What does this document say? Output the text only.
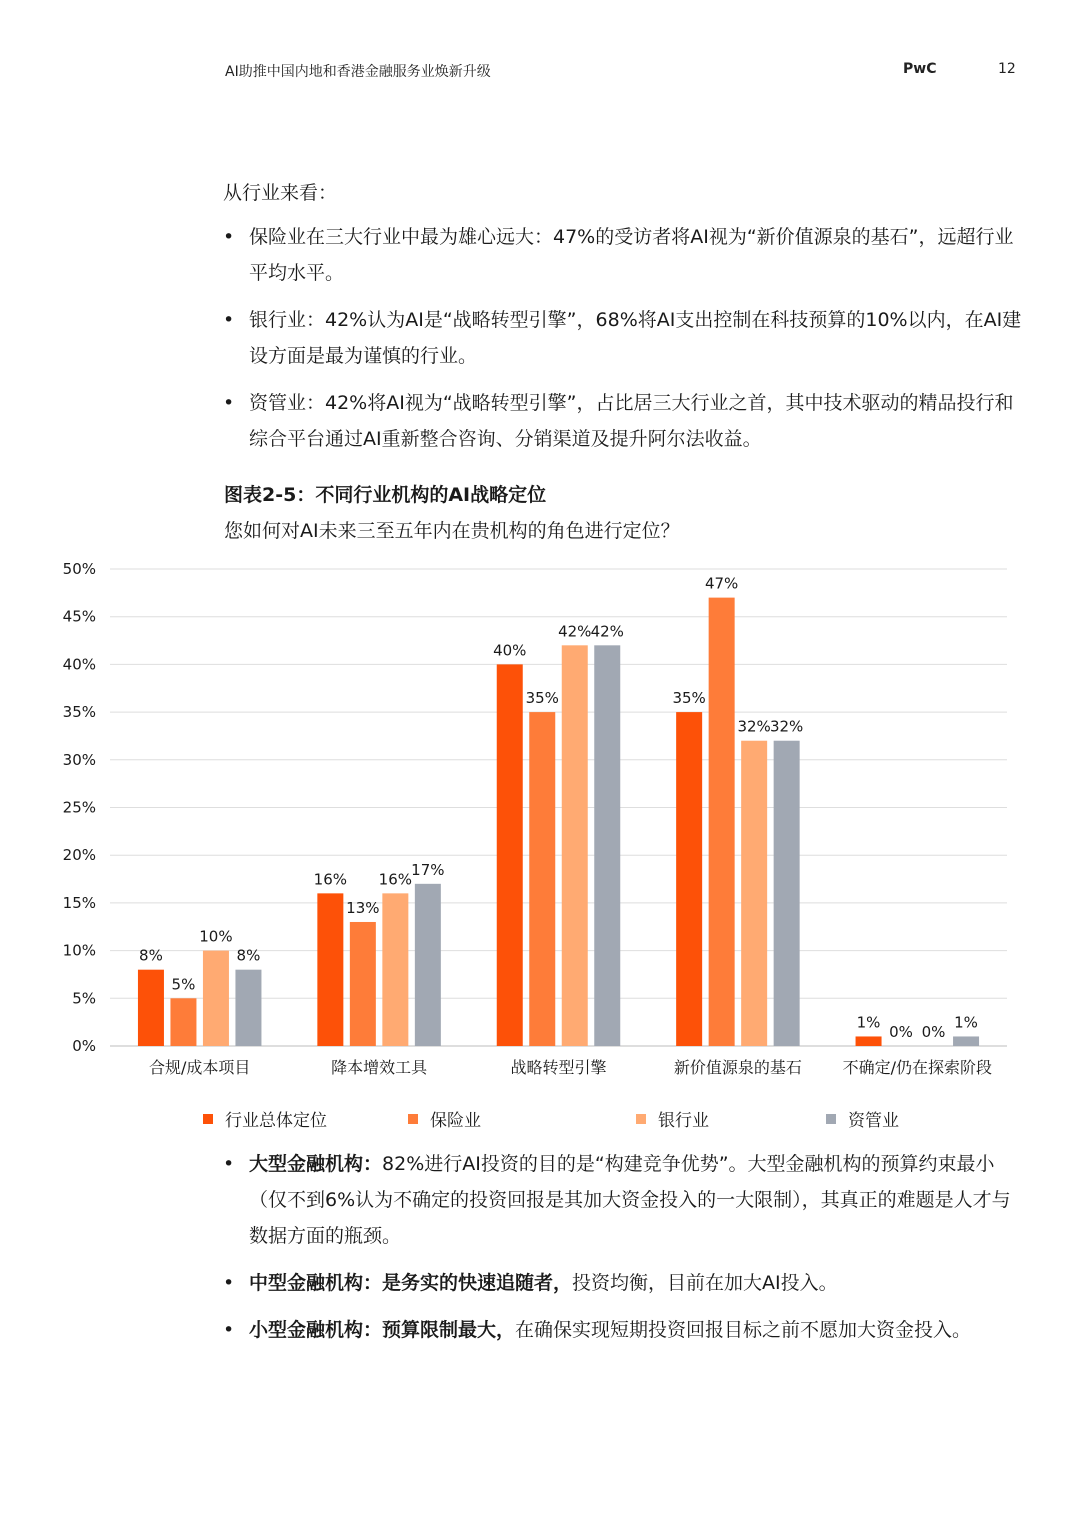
AI助推中国内地和香港金融服务业焕新升级	PwC	12
从行业来看：
• 保险业在三大行业中最为雄心远大：47%的受访者将AI视为“新价值源泉的基石”，远超行业平均水平。
• 银行业：42%认为AI是“战略转型引擎”，68%将AI支出控制在科技预算的10%以内，在AI建设方面是最为谨慎的行业。
• 资管业：42%将AI视为“战略转型引擎”，占比居三大行业之首，其中技术驱动的精品投行和综合平台通过AI重新整合咨询、分销渠道及提升阿尔法收益。
图表2-5：不同行业机构的AI战略定位
您如何对AI未来三至五年内在贵机构的角色进行定位？
0%
5%
10%
15%
20%
25%
30%
35%
40%
45%
50%
8%
5%
10%
8%
合规/成本项目
16%
13%
16%
17%
降本增效工具
40%
35%
42% 42%
战略转型引擎
35%
47%
32% 32%
新价值源泉的基石
1%
0% 0%
1%
不确定/仍在探索阶段
行业总体定位	保险业	银行业	资管业
• 大型金融机构：82%进行AI投资的目的是“构建竞争优势”。大型金融机构的预算约束最小（仅不到6%认为不确定的投资回报是其加大资金投入的一大限制），其真正的难题是人才与数据方面的瓶颈。
• 中型金融机构：是务实的快速追随者，投资均衡，目前在加大AI投入。
• 小型金融机构：预算限制最大，在确保实现短期投资回报目标之前不愿加大资金投入。
